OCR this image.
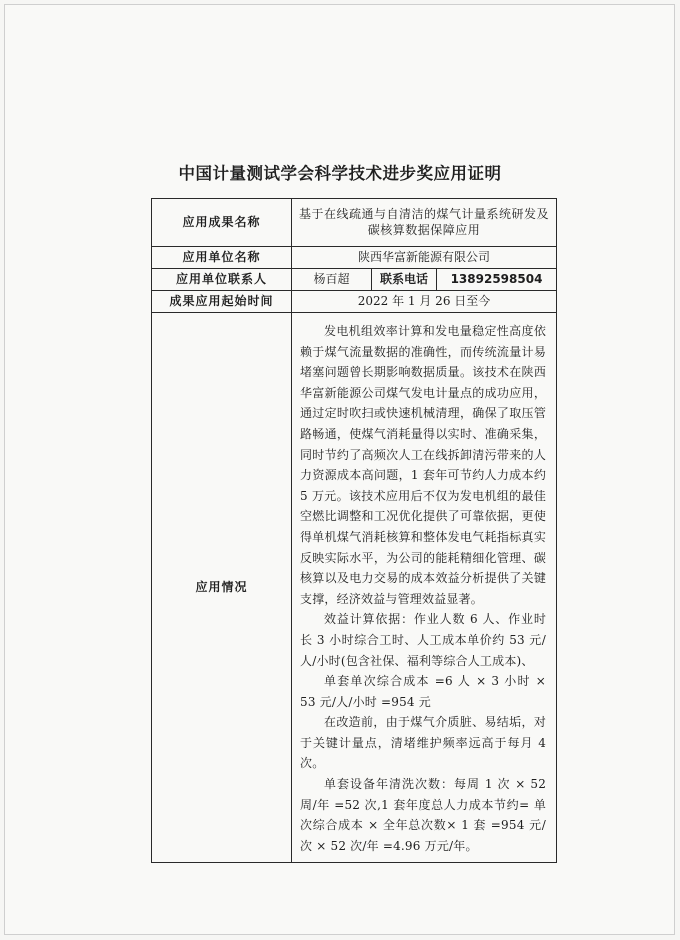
中国计量测试学会科学技术进步奖应用证明
应用成果名称	基于在线疏通与自清洁的煤气计量系统研发及碳核算数据保障应用		
应用单位名称	陕西华富新能源有限公司		
应用单位联系人	杨百超	联系电话	13892598504
成果应用起始时间	2022 年 1 月 26 日至今		
应用情况	发电机组效率计算和发电量稳定性高度依赖于煤气流量数据的准确性，而传统流量计易堵塞问题曾长期影响数据质量。该技术在陕西华富新能源公司煤气发电计量点的成功应用，通过定时吹扫或快速机械清理，确保了取压管路畅通，使煤气消耗量得以实时、准确采集，同时节约了高频次人工在线拆卸清污带来的人力资源成本高问题，1 套年可节约人力成本约 5 万元。该技术应用后不仅为发电机组的最佳空燃比调整和工况优化提供了可靠依据，更使得单机煤气消耗核算和整体发电气耗指标真实反映实际水平，为公司的能耗精细化管理、碳核算以及电力交易的成本效益分析提供了关键支撑，经济效益与管理效益显著。

效益计算依据：作业人数 6 人、作业时长 3 小时综合工时、人工成本单价约 53 元/人/小时(包含社保、福利等综合人工成本)、

单套单次综合成本 =6 人 × 3 小时 × 53 元/人/小时 =954 元

在改造前，由于煤气介质脏、易结垢，对于关键计量点，清堵维护频率远高于每月 4 次。

单套设备年清洗次数：每周 1 次 × 52 周/年 =52 次,1 套年度总人力成本节约= 单次综合成本 × 全年总次数× 1 套 =954 元/次 × 52 次/年 =4.96 万元/年。		
